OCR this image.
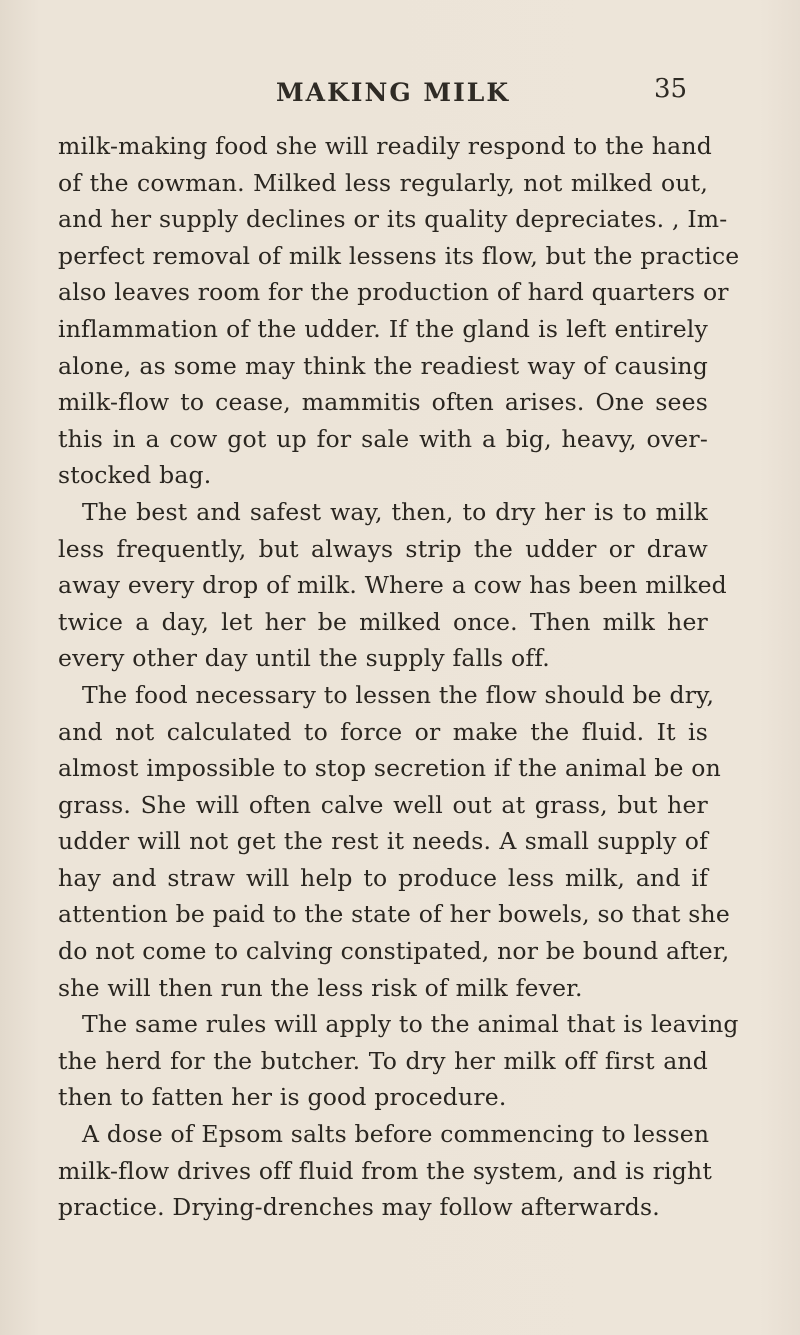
MAKING MILK	35
milk-making food she will readily respond to the hand
of the cowman. Milked less regularly, not milked out,
and her supply declines or its quality depreciates. , Im-
perfect removal of milk lessens its flow, but the practice
also leaves room for the production of hard quarters or
inflammation of the udder. If the gland is left entirely
alone, as some may think the readiest way of causing
milk-flow to cease, mammitis often arises. One sees
this in a cow got up for sale with a big, heavy, over-
stocked bag.
The best and safest way, then, to dry her is to milk
less frequently, but always strip the udder or draw
away every drop of milk. Where a cow has been milked
twice a day, let her be milked once. Then milk her
every other day until the supply falls off.
The food necessary to lessen the flow should be dry,
and not calculated to force or make the fluid. It is
almost impossible to stop secretion if the animal be on
grass. She will often calve well out at grass, but her
udder will not get the rest it needs. A small supply of
hay and straw will help to produce less milk, and if
attention be paid to the state of her bowels, so that she
do not come to calving constipated, nor be bound after,
she will then run the less risk of milk fever.
The same rules will apply to the animal that is leaving
the herd for the butcher. To dry her milk off first and
then to fatten her is good procedure.
A dose of Epsom salts before commencing to lessen
milk-flow drives off fluid from the system, and is right
practice. Drying-drenches may follow afterwards.
